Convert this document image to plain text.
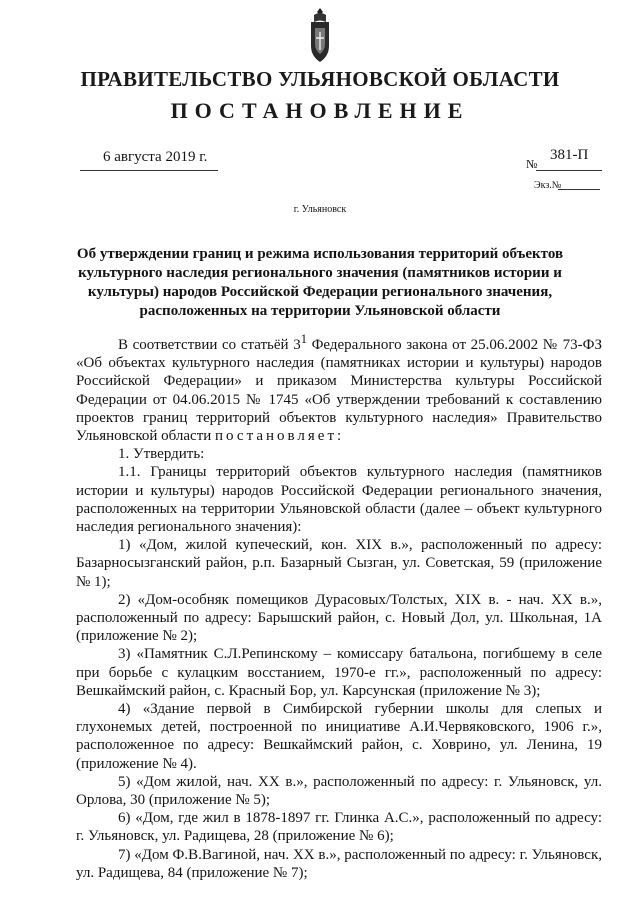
ПРАВИТЕЛЬСТВО УЛЬЯНОВСКОЙ ОБЛАСТИ
ПОСТАНОВЛЕНИЕ
6 августа 2019 г.	№
381-П
Экз.№
г. Ульяновск
Об утверждении границ и режима использования территорий объектов культурного наследия регионального значения (памятников истории и культуры) народов Российской Федерации регионального значения, расположенных на территории Ульяновской области

В соответствии со статьёй $3^1$ Федерального закона от 25.06.2002 № 73-ФЗ «Об объектах культурного наследия (памятниках истории и культуры) народов Российской Федерации» и приказом Министерства культуры Российской Федерации от 04.06.2015 № 1745 «Об утверждении требований к составлению проектов границ территорий объектов культурного наследия» Правительство Ульяновской области постановляет:

1. Утвердить:

1.1. Границы территорий объектов культурного наследия (памятников истории и культуры) народов Российской Федерации регионального значения, расположенных на территории Ульяновской области (далее – объект культурного наследия регионального значения):

1) «Дом, жилой купеческий, кон. XIX в.», расположенный по адресу: Базарносызганский район, р.п. Базарный Сызган, ул. Советская, 59 (приложение № 1);

2) «Дом-особняк помещиков Дурасовых/Толстых, XIX в. - нач. XX в.», расположенный по адресу: Барышский район, с. Новый Дол, ул. Школьная, 1А (приложение № 2);

3) «Памятник С.Л.Репинскому – комиссару батальона, погибшему в селе при борьбе с кулацким восстанием, 1970-е гг.», расположенный по адресу: Вешкаймский район, с. Красный Бор, ул. Карсунская (приложение № 3);

4) «Здание первой в Симбирской губернии школы для слепых и глухонемых детей, построенной по инициативе А.И.Червяковского, 1906 г.», расположенное по адресу: Вешкаймский район, с. Ховрино, ул. Ленина, 19 (приложение № 4).

5) «Дом жилой, нач. XX в.», расположенный по адресу: г. Ульяновск, ул. Орлова, 30 (приложение № 5);

6) «Дом, где жил в 1878-1897 гг. Глинка А.С.», расположенный по адресу: г. Ульяновск, ул. Радищева, 28 (приложение № 6);

7) «Дом Ф.В.Вагиной, нач. XX в.», расположенный по адресу: г. Ульяновск, ул. Радищева, 84 (приложение № 7);
